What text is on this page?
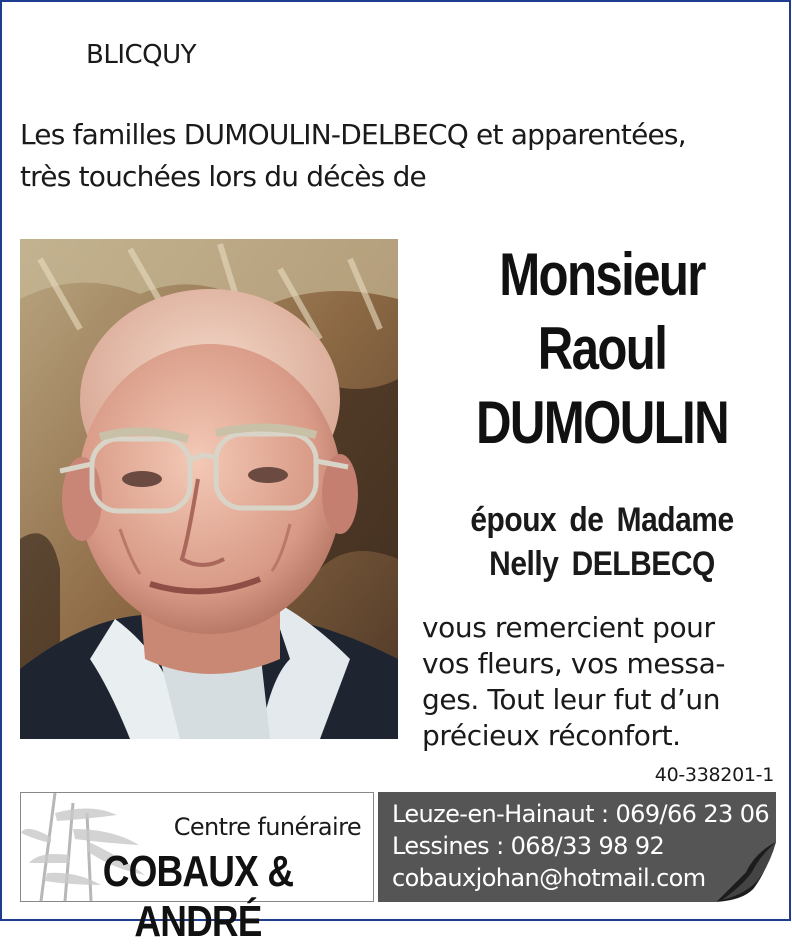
BLICQUY
Les familles DUMOULIN-DELBECQ et apparentées,
très touchées lors du décès de
Monsieur
Raoul
DUMOULIN
époux de Madame
Nelly DELBECQ
vous remercient pour
vos fleurs, vos messa-
ges. Tout leur fut d’un
précieux réconfort.
40-338201-1
Centre funéraire
COBAUX & ANDRÉ
Leuze-en-Hainaut : 069/66 23 06
Lessines : 068/33 98 92
cobauxjohan@hotmail.com
